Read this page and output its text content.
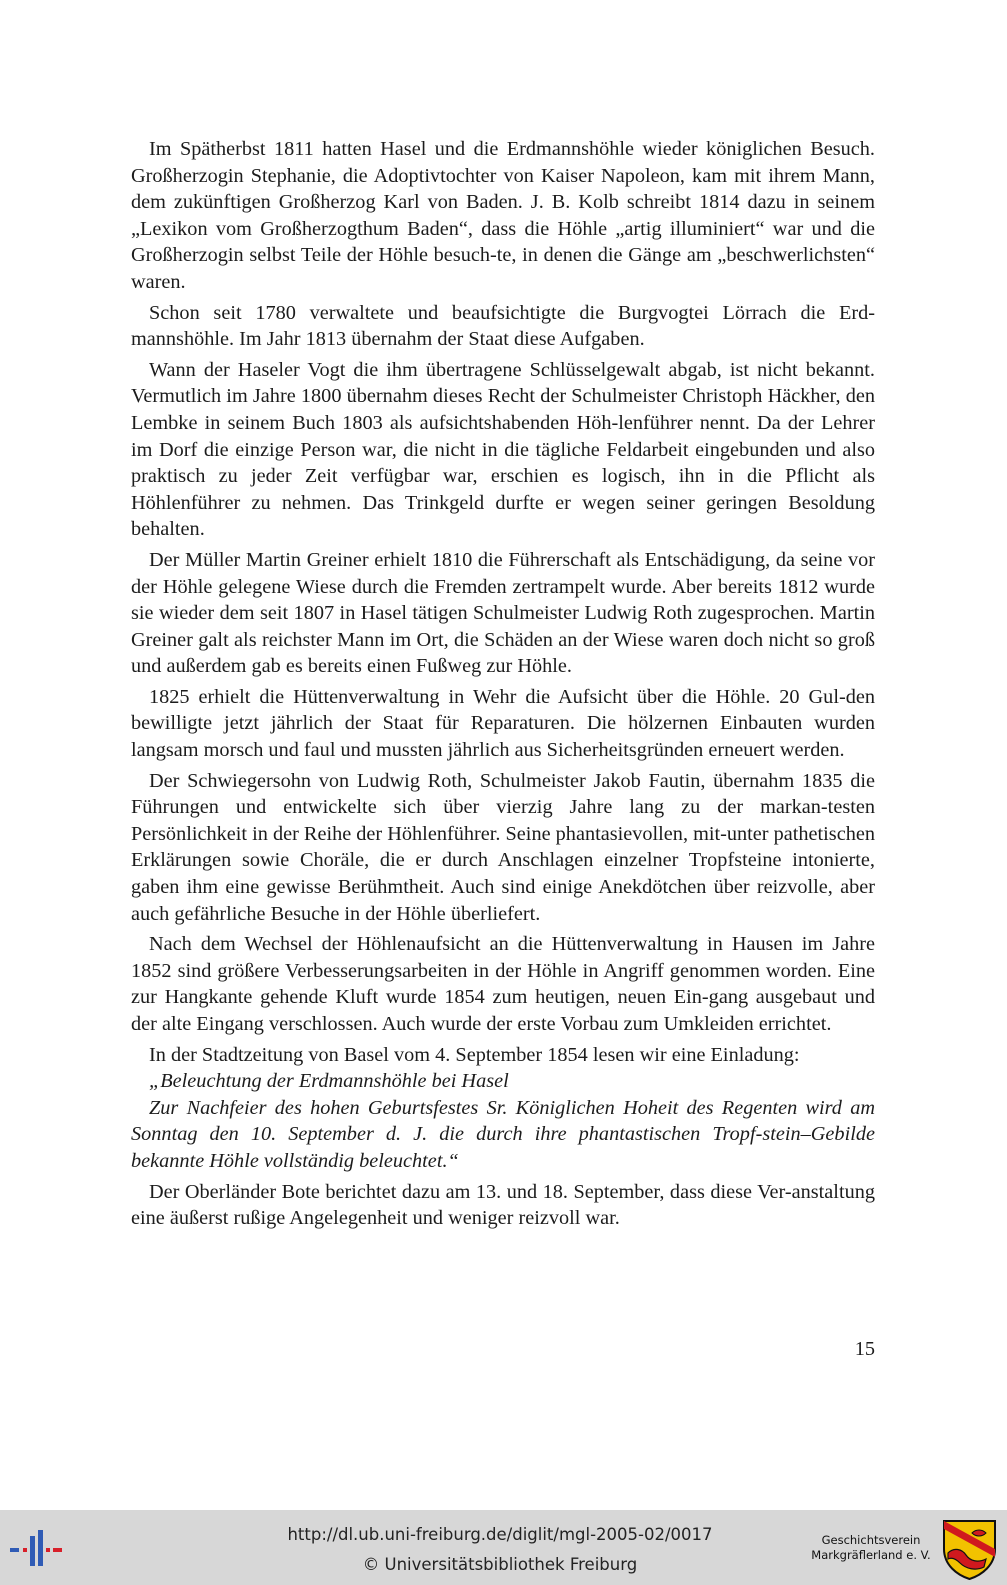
Im Spätherbst 1811 hatten Hasel und die Erdmannshöhle wieder königlichen Besuch. Großherzogin Stephanie, die Adoptivtochter von Kaiser Napoleon, kam mit ihrem Mann, dem zukünftigen Großherzog Karl von Baden. J. B. Kolb schreibt 1814 dazu in seinem „Lexikon vom Großherzogthum Baden“, dass die Höhle „artig illuminiert“ war und die Großherzogin selbst Teile der Höhle besuch-te, in denen die Gänge am „beschwerlichsten“ waren.

Schon seit 1780 verwaltete und beaufsichtigte die Burgvogtei Lörrach die Erd-mannshöhle. Im Jahr 1813 übernahm der Staat diese Aufgaben.

Wann der Haseler Vogt die ihm übertragene Schlüsselgewalt abgab, ist nicht bekannt. Vermutlich im Jahre 1800 übernahm dieses Recht der Schulmeister Christoph Häckher, den Lembke in seinem Buch 1803 als aufsichtshabenden Höh-lenführer nennt. Da der Lehrer im Dorf die einzige Person war, die nicht in die tägliche Feldarbeit eingebunden und also praktisch zu jeder Zeit verfügbar war, erschien es logisch, ihn in die Pflicht als Höhlenführer zu nehmen. Das Trinkgeld durfte er wegen seiner geringen Besoldung behalten.

Der Müller Martin Greiner erhielt 1810 die Führerschaft als Entschädigung, da seine vor der Höhle gelegene Wiese durch die Fremden zertrampelt wurde. Aber bereits 1812 wurde sie wieder dem seit 1807 in Hasel tätigen Schulmeister Ludwig Roth zugesprochen. Martin Greiner galt als reichster Mann im Ort, die Schäden an der Wiese waren doch nicht so groß und außerdem gab es bereits einen Fußweg zur Höhle.

1825 erhielt die Hüttenverwaltung in Wehr die Aufsicht über die Höhle. 20 Gul-den bewilligte jetzt jährlich der Staat für Reparaturen. Die hölzernen Einbauten wurden langsam morsch und faul und mussten jährlich aus Sicherheitsgründen erneuert werden.

Der Schwiegersohn von Ludwig Roth, Schulmeister Jakob Fautin, übernahm 1835 die Führungen und entwickelte sich über vierzig Jahre lang zu der markan-testen Persönlichkeit in der Reihe der Höhlenführer. Seine phantasievollen, mit-unter pathetischen Erklärungen sowie Choräle, die er durch Anschlagen einzelner Tropfsteine intonierte, gaben ihm eine gewisse Berühmtheit. Auch sind einige Anekdötchen über reizvolle, aber auch gefährliche Besuche in der Höhle überliefert.

Nach dem Wechsel der Höhlenaufsicht an die Hüttenverwaltung in Hausen im Jahre 1852 sind größere Verbesserungsarbeiten in der Höhle in Angriff genommen worden. Eine zur Hangkante gehende Kluft wurde 1854 zum heutigen, neuen Ein-gang ausgebaut und der alte Eingang verschlossen. Auch wurde der erste Vorbau zum Umkleiden errichtet.

In der Stadtzeitung von Basel vom 4. September 1854 lesen wir eine Einladung:

„Beleuchtung der Erdmannshöhle bei Hasel

Zur Nachfeier des hohen Geburtsfestes Sr. Königlichen Hoheit des Regenten wird am Sonntag den 10. September d. J. die durch ihre phantastischen Tropf-stein–Gebilde bekannte Höhle vollständig beleuchtet.“

Der Oberländer Bote berichtet dazu am 13. und 18. September, dass diese Ver-anstaltung eine äußerst rußige Angelegenheit und weniger reizvoll war.

15
http://dl.ub.uni-freiburg.de/diglit/mgl-2005-02/0017
© Universitätsbibliothek Freiburg
Geschichtsverein
Markgräflerland e. V.
